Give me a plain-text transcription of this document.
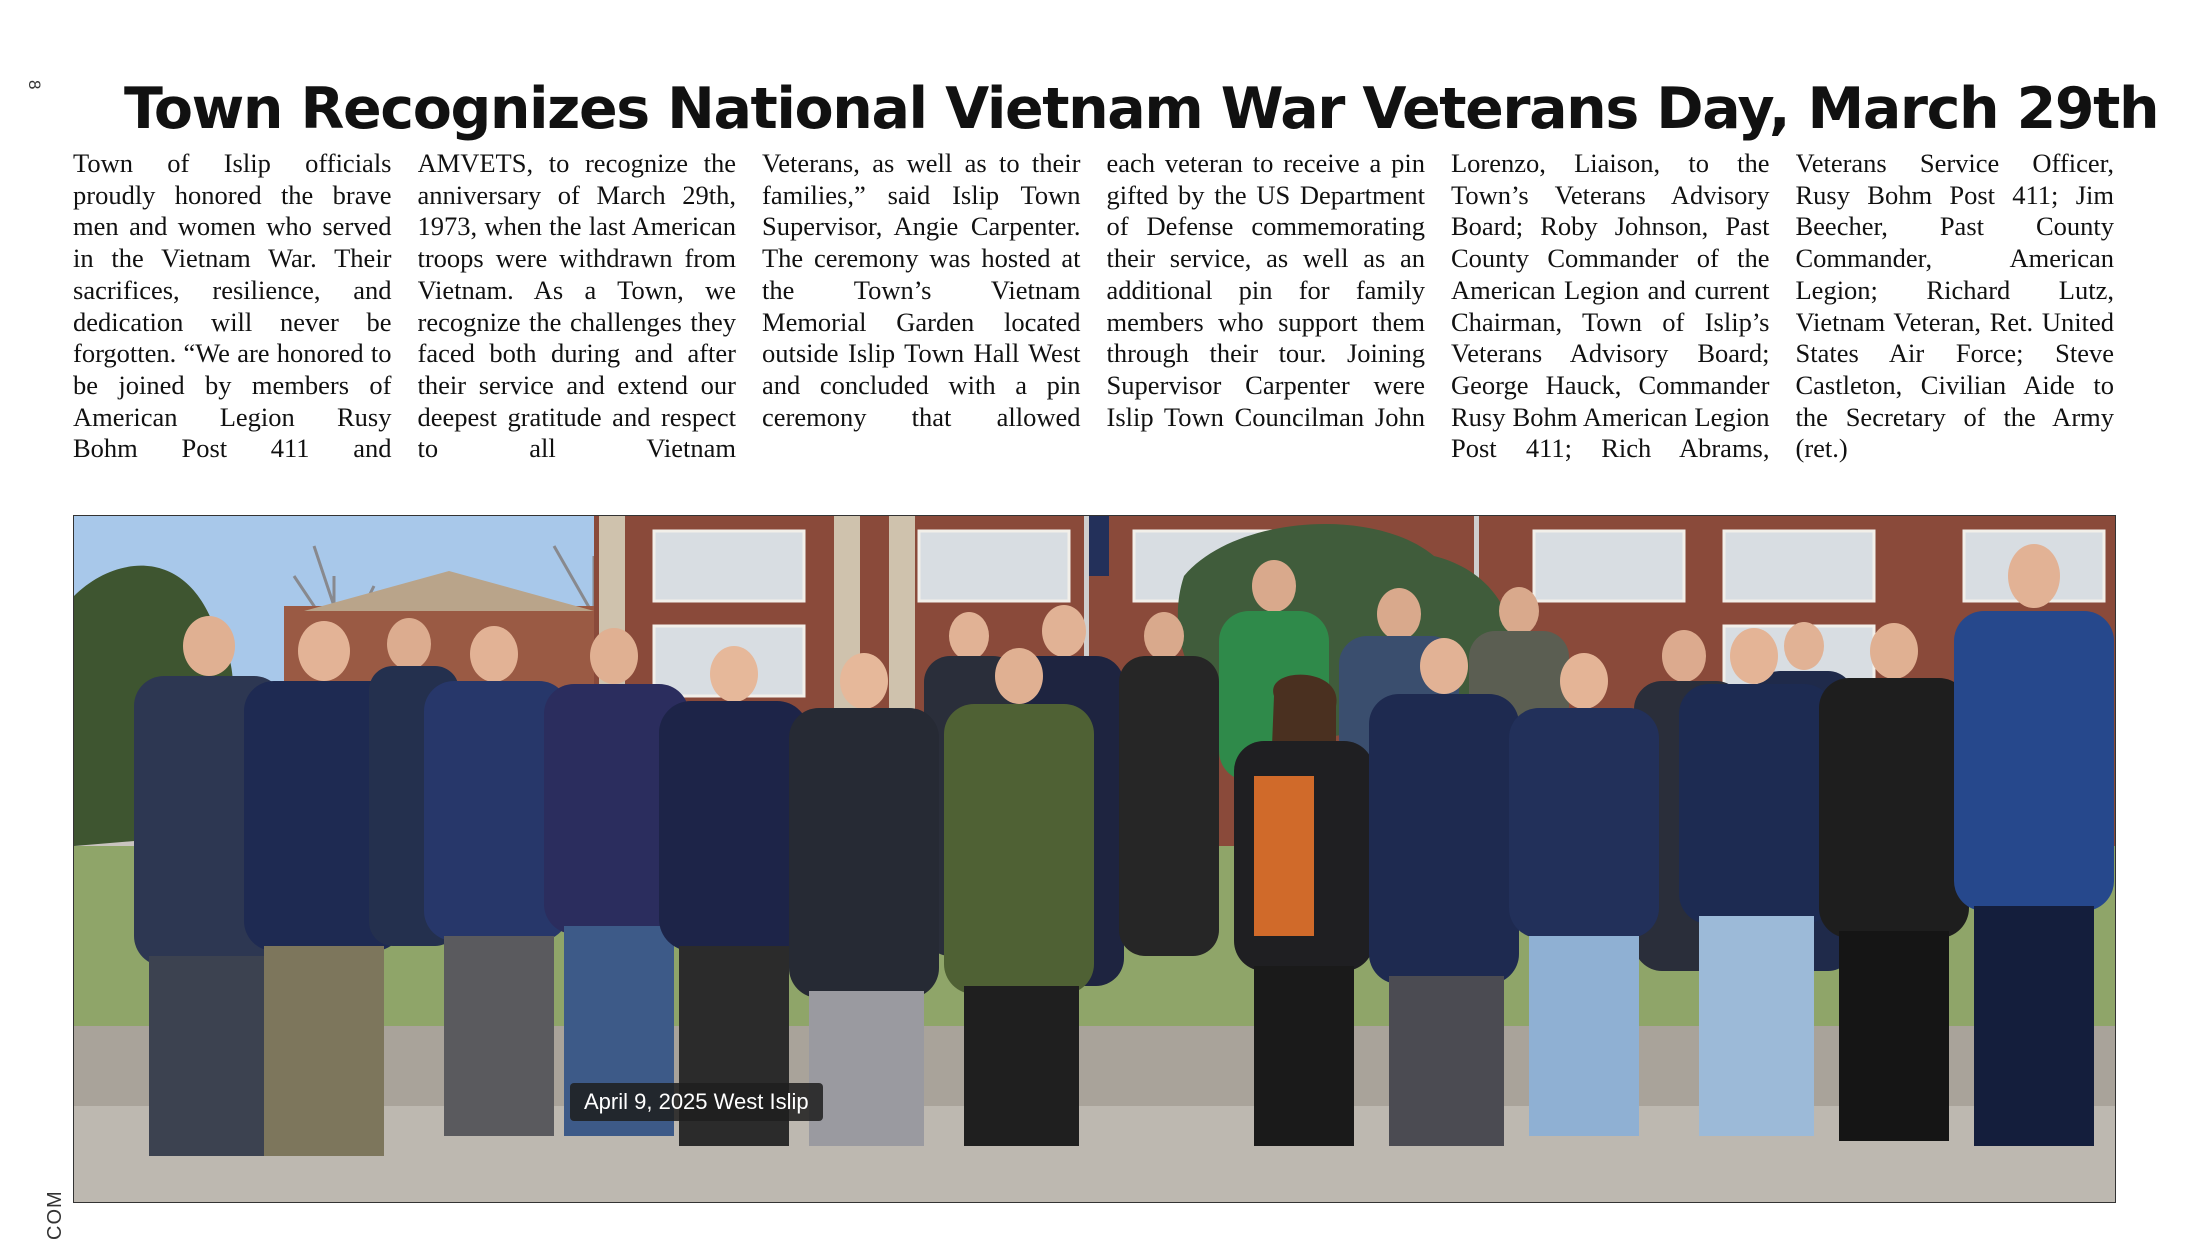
8
COM
Town Recognizes National Vietnam War Veterans Day, March 29th
Town of Islip officials proudly honored the brave men and women who served in the Vietnam War. Their sacrifices, resilience, and dedication will never be forgotten. “We are honored to be joined by members of American Legion Rusy Bohm Post 411 and
AMVETS, to recognize the anniversary of March 29th, 1973, when the last American troops were withdrawn from Vietnam. As a Town, we recognize the challenges they faced both during and after their service and extend our deepest gratitude and respect to all Vietnam
Veterans, as well as to their families,” said Islip Town Supervisor, Angie Carpenter. The ceremony was hosted at the Town’s Vietnam Memorial Garden located outside Islip Town Hall West and concluded with a pin ceremony that allowed
each veteran to receive a pin gifted by the US Department of Defense commemorating their service, as well as an additional pin for family members who support them through their tour. Joining Supervisor Carpenter were Islip Town Councilman John
Lorenzo, Liaison, to the Town’s Veterans Advisory Board; Roby Johnson, Past County Commander of the American Legion and current Chairman, Town of Islip’s Veterans Advisory Board; George Hauck, Commander Rusy Bohm American Legion Post 411; Rich Abrams,
Veterans Service Officer, Rusy Bohm Post 411; Jim Beecher, Past County Commander, American Legion; Richard Lutz, Vietnam Veteran, Ret. United States Air Force; Steve Castleton, Civilian Aide to the Secretary of the Army (ret.)
April 9, 2025 West Islip
